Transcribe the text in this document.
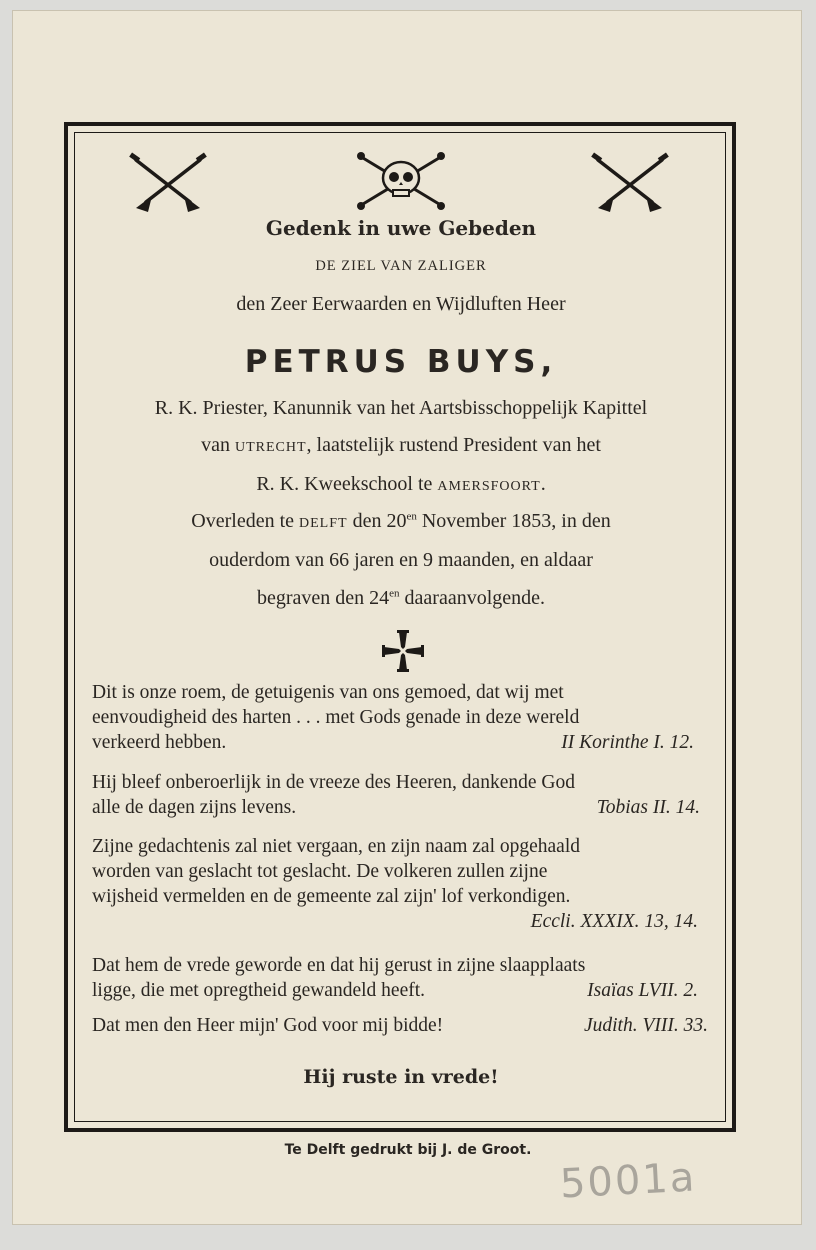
Gedenk in uwe Gebeden
DE ZIEL VAN ZALIGER
den Zeer Eerwaarden en Wijdluften Heer
PETRUS BUYS,
R. K. Priester, Kanunnik van het Aartsbisschoppelijk Kapittel
van UTRECHT, laatstelijk rustend President van het
R. K. Kweekschool te AMERSFOORT.
Overleden te DELFT den $20^{en}$ November 1853, in den
ouderdom van 66 jaren en 9 maanden, en aldaar
begraven den $24^{en}$ daaraanvolgende.
Dit is onze roem, de getuigenis van ons gemoed, dat wij met
eenvoudigheid des harten . . . met Gods genade in deze wereld
verkeerd hebben.	II Korinthe I. 12.
Hij bleef onberoerlijk in de vreeze des Heeren, dankende God
alle de dagen zijns levens.	Tobias II. 14.
Zijne gedachtenis zal niet vergaan, en zijn naam zal opgehaald
worden van geslacht tot geslacht. De volkeren zullen zijne
wijsheid vermelden en de gemeente zal zijn' lof verkondigen.
Eccli. XXXIX. 13, 14.
Dat hem de vrede geworde en dat hij gerust in zijne slaapplaats
ligge, die met opregtheid gewandeld heeft.	Isaïas LVII. 2.
Dat men den Heer mijn' God voor mij bidde!	Judith. VIII. 33.
Hij ruste in vrede!
Te Delft gedrukt bij J. de Groot.
5001a
